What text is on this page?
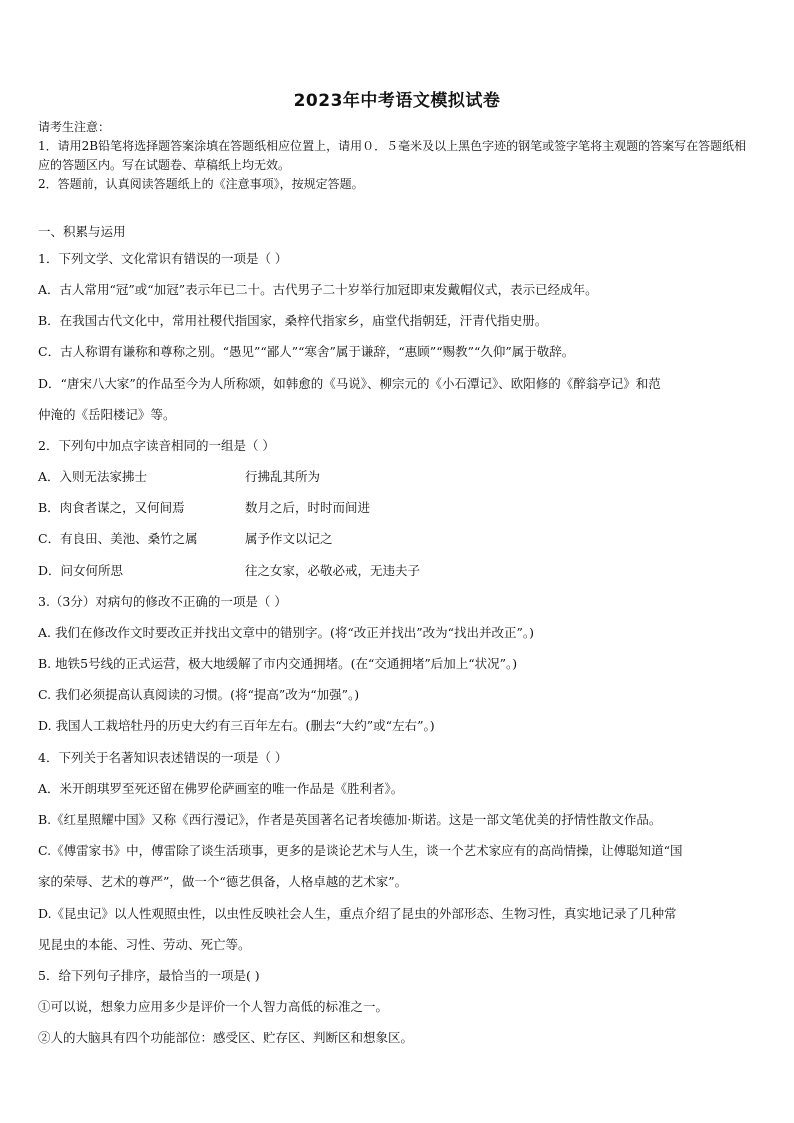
2023年中考语文模拟试卷

请考生注意：

1．请用2B铅笔将选择题答案涂填在答题纸相应位置上，请用０．５毫米及以上黑色字迹的钢笔或签字笔将主观题的答案写在答题纸相应的答题区内。写在试题卷、草稿纸上均无效。

2．答题前，认真阅读答题纸上的《注意事项》，按规定答题。

一、积累与运用
1．下列文学、文化常识有错误的一项是（ ）
A．古人常用“冠”或“加冠”表示年已二十。古代男子二十岁举行加冠即束发戴帽仪式，表示已经成年。
B．在我国古代文化中，常用社稷代指国家，桑梓代指家乡，庙堂代指朝廷，汗青代指史册。
C．古人称谓有谦称和尊称之别。“愚见”“鄙人”“寒舍”属于谦辞，“惠顾”“赐教”“久仰”属于敬辞。
D．“唐宋八大家”的作品至今为人所称颂，如韩愈的《马说》、柳宗元的《小石潭记》、欧阳修的《醉翁亭记》和范
仲淹的《岳阳楼记》等。
2．下列句中加点字读音相同的一组是（ ）
A．入则无法家拂士	行拂乱其所为
B．肉食者谋之，又何间焉	数月之后，时时而间进
C．有良田、美池、桑竹之属	属予作文以记之
D．问女何所思	往之女家，必敬必戒，无违夫子
3.（3分）对病句的修改不正确的一项是（ ）
A. 我们在修改作文时要改正并找出文章中的错别字。(将“改正并找出”改为“找出并改正”。)
B. 地铁5号线的正式运营，极大地缓解了市内交通拥堵。(在“交通拥堵”后加上“状况”。)
C. 我们必须提高认真阅读的习惯。(将“提高”改为“加强”。)
D. 我国人工栽培牡丹的历史大约有三百年左右。(删去“大约”或“左右”。)
4．下列关于名著知识表述错误的一项是（ ）
A．米开朗琪罗至死还留在佛罗伦萨画室的唯一作品是《胜利者》。
B.《红星照耀中国》又称《西行漫记》，作者是英国著名记者埃德加·斯诺。这是一部文笔优美的抒情性散文作品。
C.《傅雷家书》中，傅雷除了谈生活琐事，更多的是谈论艺术与人生，谈一个艺术家应有的高尚情操，让傅聪知道“国
家的荣辱、艺术的尊严”，做一个“德艺俱备，人格卓越的艺术家”。
D.《昆虫记》以人性观照虫性，以虫性反映社会人生，重点介绍了昆虫的外部形态、生物习性，真实地记录了几种常
见昆虫的本能、习性、劳动、死亡等。
5．给下列句子排序，最恰当的一项是( )
①可以说，想象力应用多少是评价一个人智力高低的标准之一。
②人的大脑具有四个功能部位：感受区、贮存区、判断区和想象区。
